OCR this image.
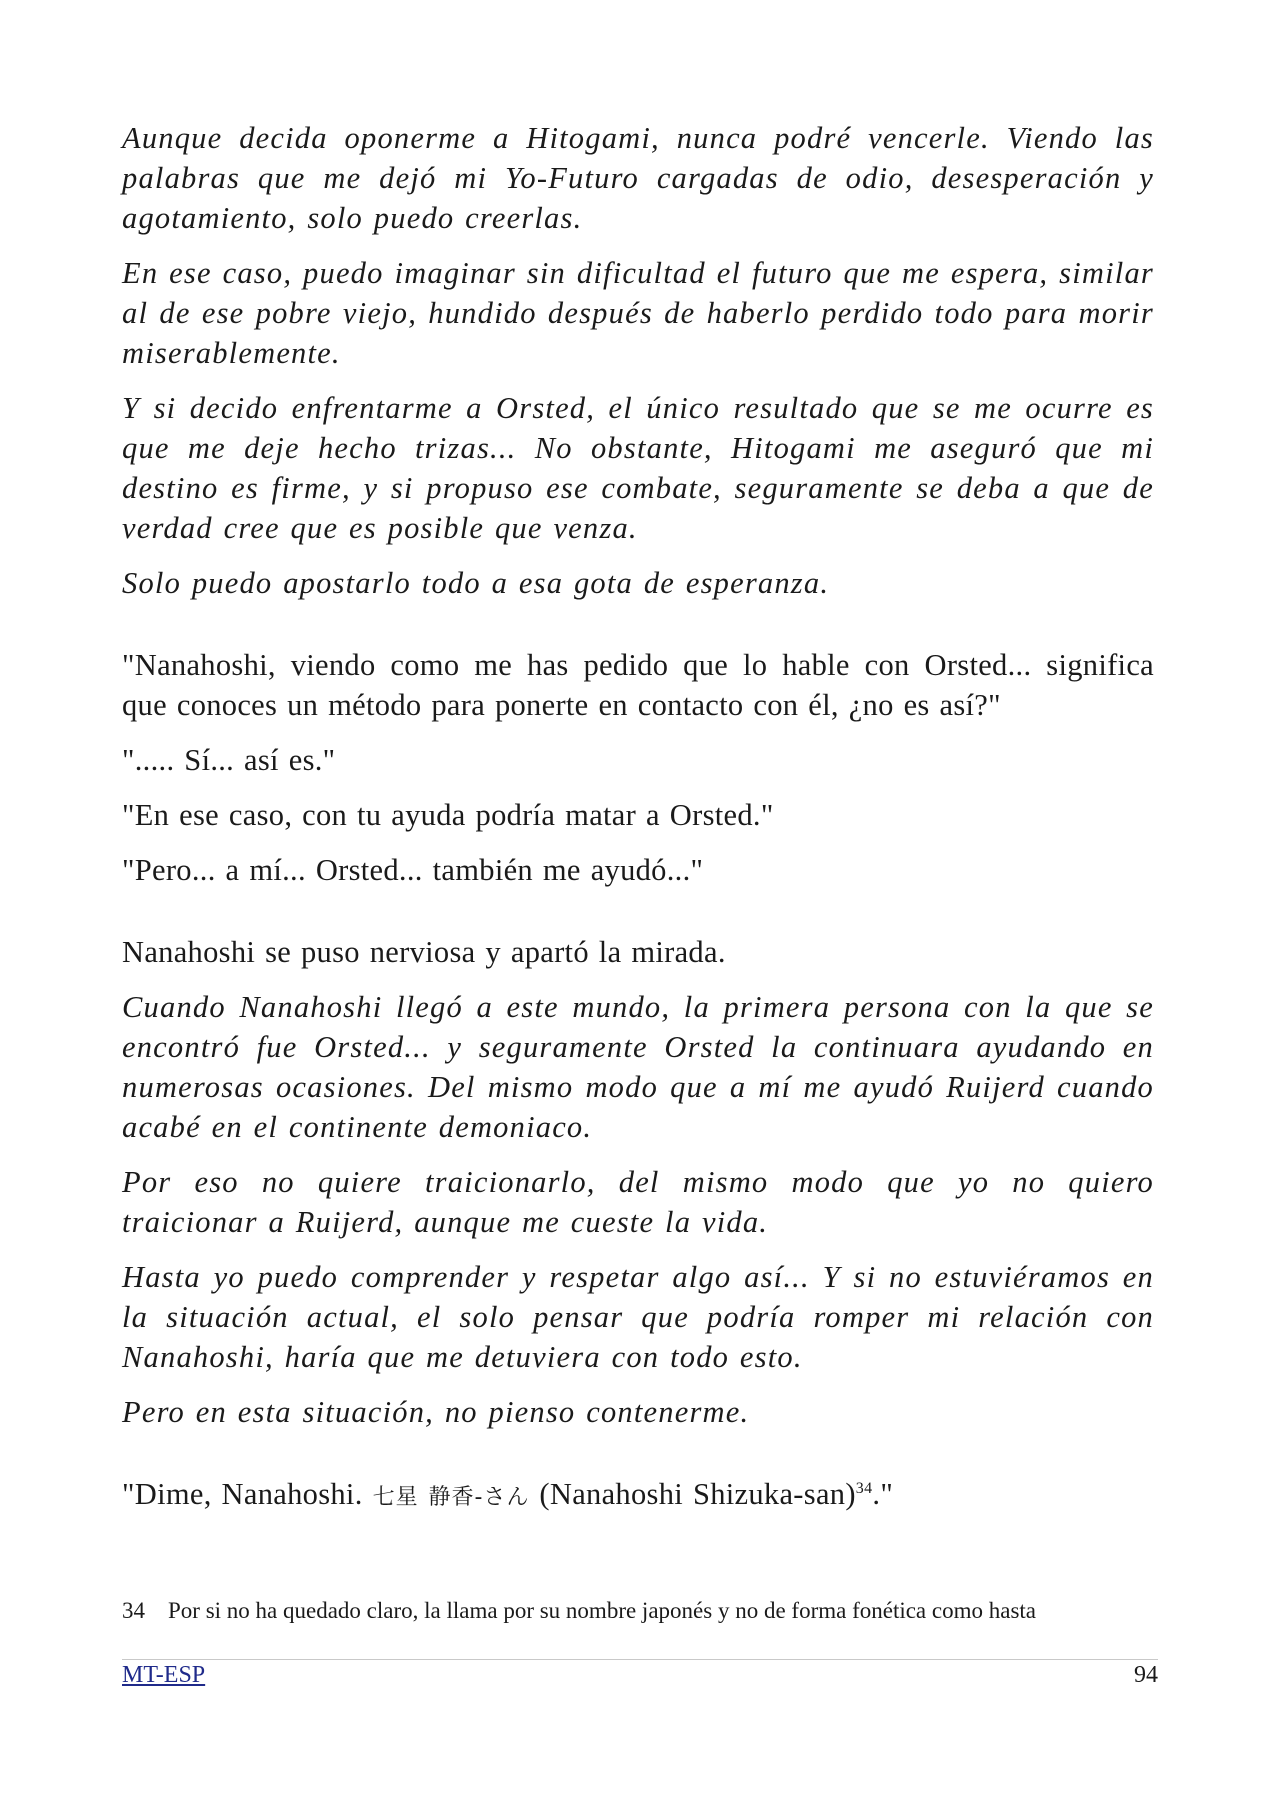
Aunque decida oponerme a Hitogami, nunca podré vencerle. Viendo las palabras que me dejó mi Yo-Futuro cargadas de odio, desesperación y agotamiento, solo puedo creerlas.

En ese caso, puedo imaginar sin dificultad el futuro que me espera, similar al de ese pobre viejo, hundido después de haberlo perdido todo para morir miserablemente.

Y si decido enfrentarme a Orsted, el único resultado que se me ocurre es que me deje hecho trizas... No obstante, Hitogami me aseguró que mi destino es firme, y si propuso ese combate, seguramente se deba a que de verdad cree que es posible que venza.

Solo puedo apostarlo todo a esa gota de esperanza.

"Nanahoshi, viendo como me has pedido que lo hable con Orsted... significa que conoces un método para ponerte en contacto con él, ¿no es así?"

"..... Sí... así es."

"En ese caso, con tu ayuda podría matar a Orsted."

"Pero... a mí... Orsted... también me ayudó..."

Nanahoshi se puso nerviosa y apartó la mirada.

Cuando Nanahoshi llegó a este mundo, la primera persona con la que se encontró fue Orsted... y seguramente Orsted la continuara ayudando en numerosas ocasiones. Del mismo modo que a mí me ayudó Ruijerd cuando acabé en el continente demoniaco.

Por eso no quiere traicionarlo, del mismo modo que yo no quiero traicionar a Ruijerd, aunque me cueste la vida.

Hasta yo puedo comprender y respetar algo así... Y si no estuviéramos en la situación actual, el solo pensar que podría romper mi relación con Nanahoshi, haría que me detuviera con todo esto.

Pero en esta situación, no pienso contenerme.

"Dime, Nanahoshi. 七星 静香-さん (Nanahoshi Shizuka-san)$^{34}$."

34 Por si no ha quedado claro, la llama por su nombre japonés y no de forma fonética como hasta
MT-ESP	94
